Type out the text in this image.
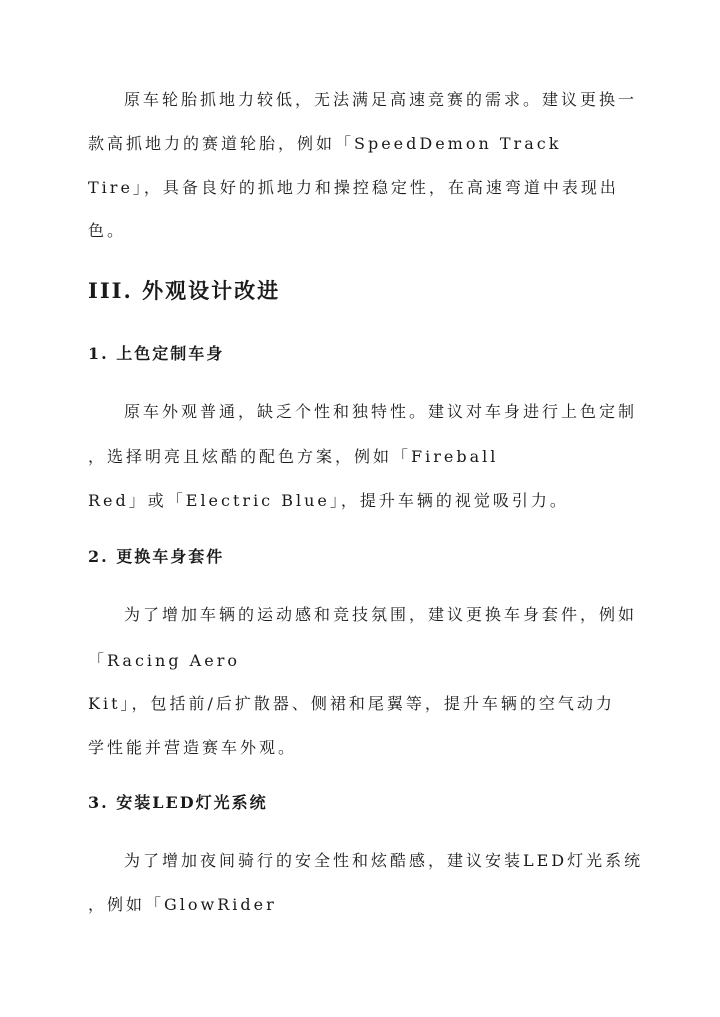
原车轮胎抓地力较低，无法满足高速竞赛的需求。建议更换一
款高抓地力的赛道轮胎，例如「SpeedDemon Track
Tire」，具备良好的抓地力和操控稳定性，在高速弯道中表现出
色。
III. 外观设计改进
1. 上色定制车身
原车外观普通，缺乏个性和独特性。建议对车身进行上色定制
，选择明亮且炫酷的配色方案，例如「Fireball
Red」或「Electric Blue」，提升车辆的视觉吸引力。
2. 更换车身套件
为了增加车辆的运动感和竞技氛围，建议更换车身套件，例如
「Racing Aero
Kit」，包括前/后扩散器、侧裙和尾翼等，提升车辆的空气动力
学性能并营造赛车外观。
3. 安装LED灯光系统
为了增加夜间骑行的安全性和炫酷感，建议安装LED灯光系统
，例如「GlowRider
